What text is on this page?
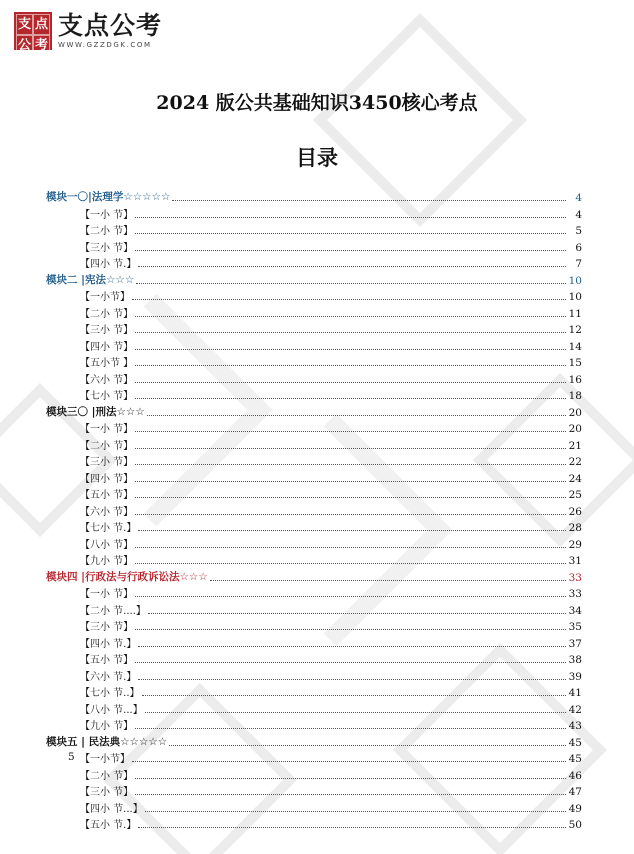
支 点
公 考
支点公考
WWW.GZZDGK.COM
2024 版公共基础知识3450核心考点
目录
模块一〇|法理学☆☆☆☆☆	4
【一小 节】	4
【二小 节】	5
【三小 节】	6
【四小 节.】	7
模块二 |宪法☆☆☆	10
【一小节】	10
【二小 节】	11
【三小 节】	12
【四小 节】	14
【五小节 】	15
【六小 节】	16
【七小 节】	18
模块三〇 |刑法☆☆☆	20
【一小 节】	20
【二小 节】	21
【三小 节】	22
【四小 节】	24
【五小 节】	25
【六小 节】	26
【七小 节.】	28
【八小 节】	29
【九小 节】	31
模块四 |行政法与行政诉讼法☆☆☆	33
【一小 节】	33
【二小 节....】	34
【三小 节】	35
【四小 节.】	37
【五小 节】	38
【六小 节.】	39
【七小 节..】	41
【八小 节...】	42
【九小 节】	43
模块五 | 民法典☆☆☆☆☆	45
【一小节】	45
5
【二小 节】	46
【三小 节】	47
【四小 节...】	49
【五小 节.】	50
